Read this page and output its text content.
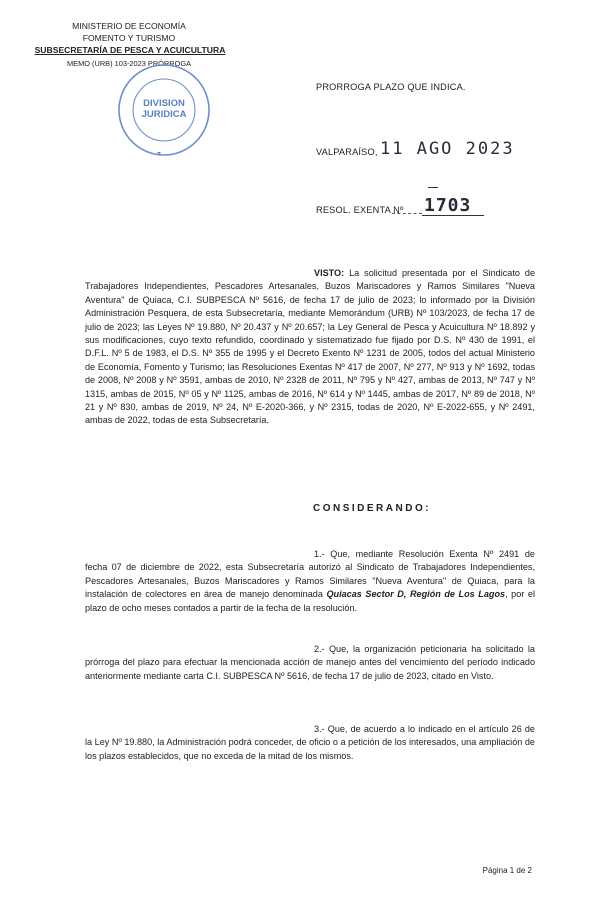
MINISTERIO DE ECONOMÍA
FOMENTO Y TURISMO
SUBSECRETARÍA DE PESCA Y ACUICULTURA
MEMO (URB) 103-2023 PRÓRROGA
DIVISION
JURIDICA
PRORROGA PLAZO QUE INDICA.
VALPARAÍSO, 11 AGO 2023
RESOL. EXENTA Nº 1703
VISTO: La solicitud presentada por el Sindicato de Trabajadores Independientes, Pescadores Artesanales, Buzos Mariscadores y Ramos Similares "Nueva Aventura" de Quiaca, C.I. SUBPESCA Nº 5616, de fecha 17 de julio de 2023; lo informado por la División Administración Pesquera, de esta Subsecretaría, mediante Memorándum (URB) Nº 103/2023, de fecha 17 de julio de 2023; las Leyes Nº 19.880, Nº 20.437 y Nº 20.657; la Ley General de Pesca y Acuicultura Nº 18.892 y sus modificaciones, cuyo texto refundido, coordinado y sistematizado fue fijado por D.S. Nº 430 de 1991, el D.F.L. Nº 5 de 1983, el D.S. Nº 355 de 1995 y el Decreto Exento Nº 1231 de 2005, todos del actual Ministerio de Economía, Fomento y Turismo; las Resoluciones Exentas Nº 417 de 2007, Nº 277, Nº 913 y Nº 1692, todas de 2008, Nº 2008 y Nº 3591, ambas de 2010, Nº 2328 de 2011, Nº 795 y Nº 427, ambas de 2013, Nº 747 y Nº 1315, ambas de 2015, Nº 05 y Nº 1125, ambas de 2016, Nº 614 y Nº 1445, ambas de 2017, Nº 89 de 2018, Nº 21 y Nº 830, ambas de 2019, Nº 24, Nº E-2020-366, y Nº 2315, todas de 2020, Nº E-2022-655, y Nº 2491, ambas de 2022, todas de esta Subsecretaría.
CONSIDERANDO:
1.- Que, mediante Resolución Exenta Nº 2491 de fecha 07 de diciembre de 2022, esta Subsecretaría autorizó al Sindicato de Trabajadores Independientes, Pescadores Artesanales, Buzos Mariscadores y Ramos Similares "Nueva Aventura" de Quiaca, para la instalación de colectores en área de manejo denominada Quiacas Sector D, Región de Los Lagos, por el plazo de ocho meses contados a partir de la fecha de la resolución.
2.- Que, la organización peticionaria ha solicitado la prórroga del plazo para efectuar la mencionada acción de manejo antes del vencimiento del período indicado anteriormente mediante carta C.I. SUBPESCA Nº 5616, de fecha 17 de julio de 2023, citado en Visto.
3.- Que, de acuerdo a lo indicado en el artículo 26 de la Ley Nº 19.880, la Administración podrá conceder, de oficio o a petición de los interesados, una ampliación de los plazos establecidos, que no exceda de la mitad de los mismos.
Página 1 de 2
